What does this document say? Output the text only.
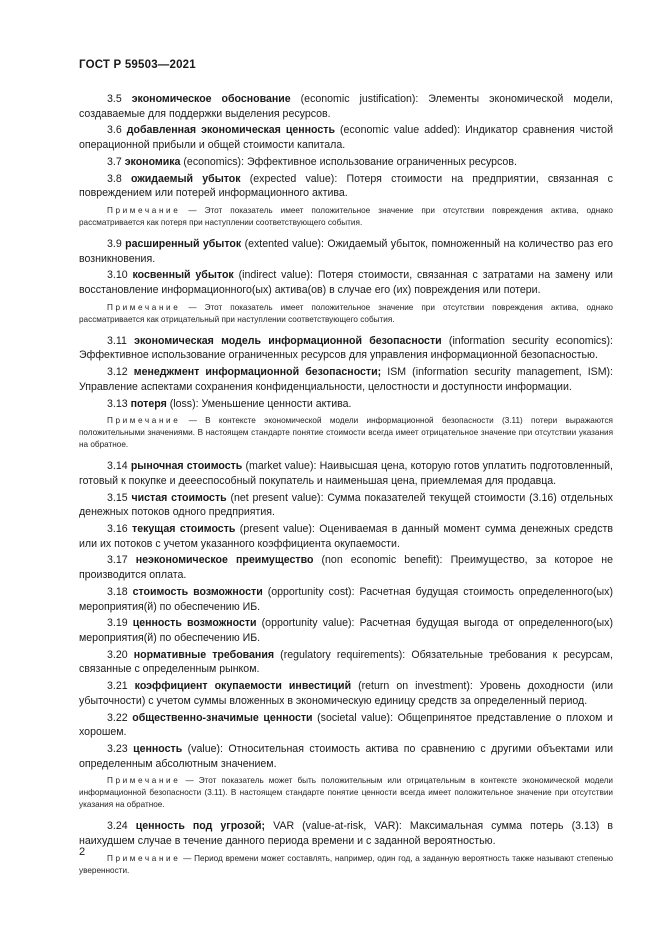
ГОСТ Р 59503—2021

3.5 экономическое обоснование (economic justification): Элементы экономической модели, создаваемые для поддержки выделения ресурсов.

3.6 добавленная экономическая ценность (economic value added): Индикатор сравнения чистой операционной прибыли и общей стоимости капитала.

3.7 экономика (economics): Эффективное использование ограниченных ресурсов.

3.8 ожидаемый убыток (expected value): Потеря стоимости на предприятии, связанная с повреждением или потерей информационного актива.

Примечание — Этот показатель имеет положительное значение при отсутствии повреждения актива, однако рассматривается как потеря при наступлении соответствующего события.

3.9 расширенный убыток (extented value): Ожидаемый убыток, помноженный на количество раз его возникновения.

3.10 косвенный убыток (indirect value): Потеря стоимости, связанная с затратами на замену или восстановление информационного(ых) актива(ов) в случае его (их) повреждения или потери.

Примечание — Этот показатель имеет положительное значение при отсутствии повреждения актива, однако рассматривается как отрицательный при наступлении соответствующего события.

3.11 экономическая модель информационной безопасности (information security economics): Эффективное использование ограниченных ресурсов для управления информационной безопасностью.

3.12 менеджмент информационной безопасности; ISM (information security management, ISM): Управление аспектами сохранения конфиденциальности, целостности и доступности информации.

3.13 потеря (loss): Уменьшение ценности актива.

Примечание — В контексте экономической модели информационной безопасности (3.11) потери выражаются положительными значениями. В настоящем стандарте понятие стоимости всегда имеет отрицательное значение при отсутствии указания на обратное.

3.14 рыночная стоимость (market value): Наивысшая цена, которую готов уплатить подготовленный, готовый к покупке и деееспособный покупатель и наименьшая цена, приемлемая для продавца.

3.15 чистая стоимость (net present value): Сумма показателей текущей стоимости (3.16) отдельных денежных потоков одного предприятия.

3.16 текущая стоимость (present value): Оцениваемая в данный момент сумма денежных средств или их потоков с учетом указанного коэффициента окупаемости.

3.17 неэкономическое преимущество (non economic benefit): Преимущество, за которое не производится оплата.

3.18 стоимость возможности (opportunity cost): Расчетная будущая стоимость определенного(ых) мероприятия(й) по обеспечению ИБ.

3.19 ценность возможности (opportunity value): Расчетная будущая выгода от определенного(ых) мероприятия(й) по обеспечению ИБ.

3.20 нормативные требования (regulatory requirements): Обязательные требования к ресурсам, связанные с определенным рынком.

3.21 коэффициент окупаемости инвестиций (return on investment): Уровень доходности (или убыточности) с учетом суммы вложенных в экономическую единицу средств за определенный период.

3.22 общественно-значимые ценности (societal value): Общепринятое представление о плохом и хорошем.

3.23 ценность (value): Относительная стоимость актива по сравнению с другими объектами или определенным абсолютным значением.

Примечание — Этот показатель может быть положительным или отрицательным в контексте экономической модели информационной безопасности (3.11). В настоящем стандарте понятие ценности всегда имеет положительное значение при отсутствии указания на обратное.

3.24 ценность под угрозой; VAR (value-at-risk, VAR): Максимальная сумма потерь (3.13) в наихудшем случае в течение данного периода времени и с заданной вероятностью.

Примечание — Период времени может составлять, например, один год, а заданную вероятность также называют степенью уверенности.

2
